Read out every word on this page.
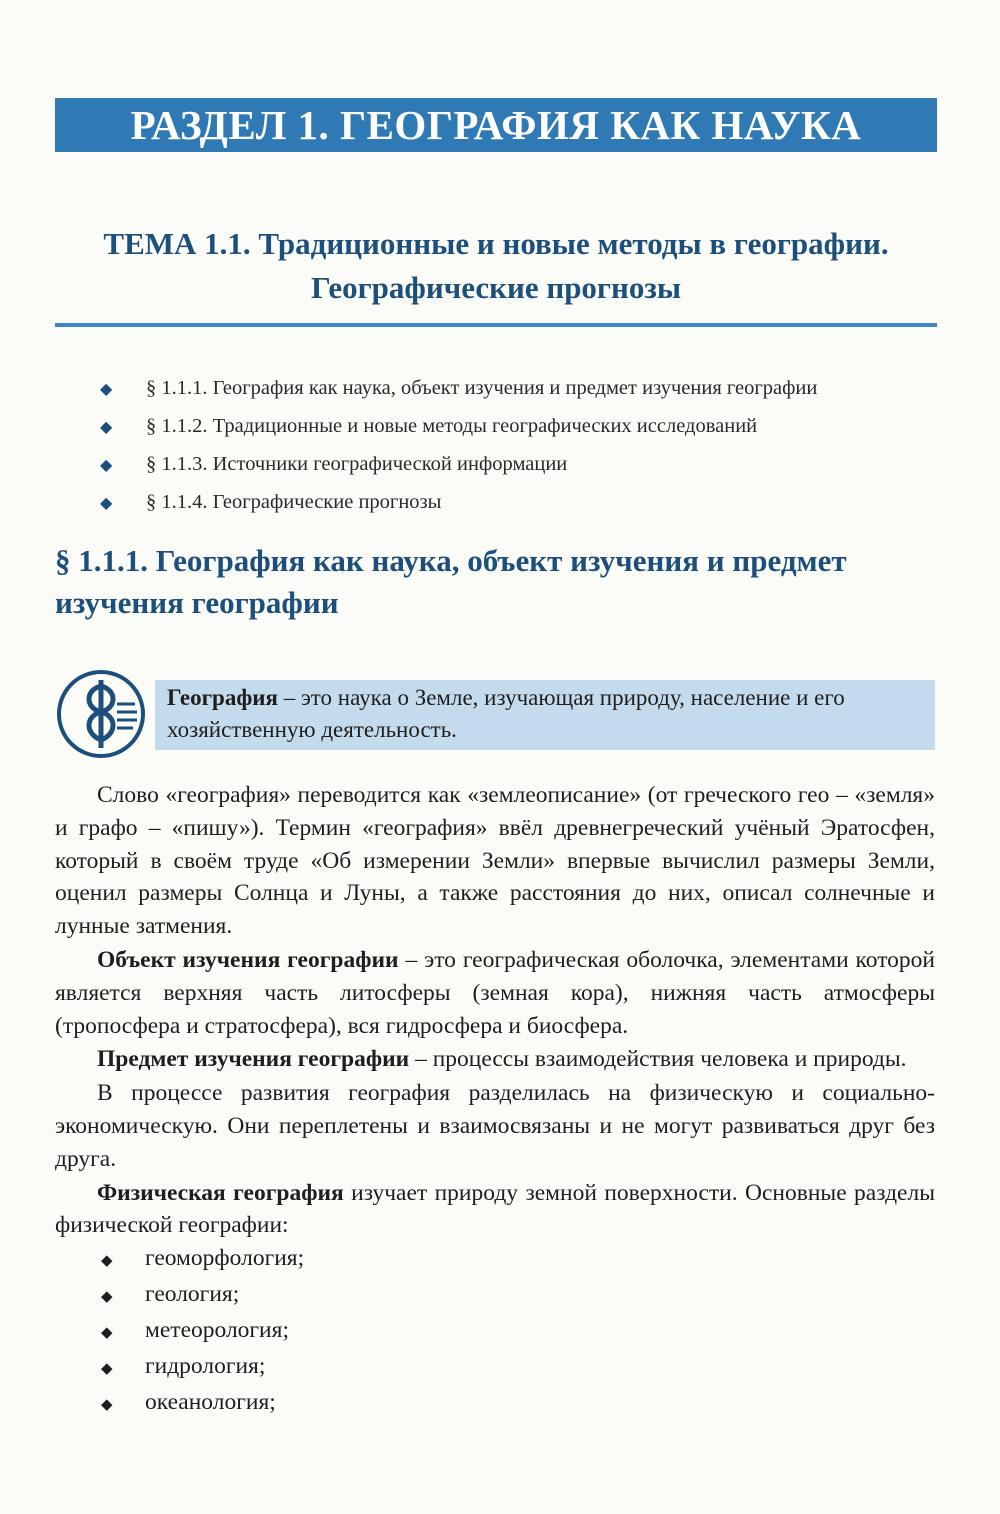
РАЗДЕЛ 1. ГЕОГРАФИЯ КАК НАУКА
ТЕМА 1.1. Традиционные и новые методы в географии.
Географические прогнозы
◆	§ 1.1.1. География как наука, объект изучения и предмет изучения географии
◆	§ 1.1.2. Традиционные и новые методы географических исследований
◆	§ 1.1.3. Источники географической информации
◆	§ 1.1.4. Географические прогнозы
§ 1.1.1. География как наука, объект изучения и предмет изучения географии
География – это наука о Земле, изучающая природу, население и его хозяйственную деятельность.

Слово «география» переводится как «землеописание» (от греческого гео – «земля» и графо – «пишу»). Термин «география» ввёл древнегреческий учёный Эратосфен, который в своём труде «Об измерении Земли» впервые вычислил размеры Земли, оценил размеры Солнца и Луны, а также расстояния до них, описал солнечные и лунные затмения.

Объект изучения географии – это географическая оболочка, элементами которой является верхняя часть литосферы (земная кора), нижняя часть атмосферы (тропосфера и стратосфера), вся гидросфера и биосфера.

Предмет изучения географии – процессы взаимодействия человека и природы.

В процессе развития география разделилась на физическую и социально-экономическую. Они переплетены и взаимосвязаны и не могут развиваться друг без друга.

Физическая география изучает природу земной поверхности. Основные разделы физической географии:

◆	геоморфология;
◆	геология;
◆	метеорология;
◆	гидрология;
◆	океанология;
